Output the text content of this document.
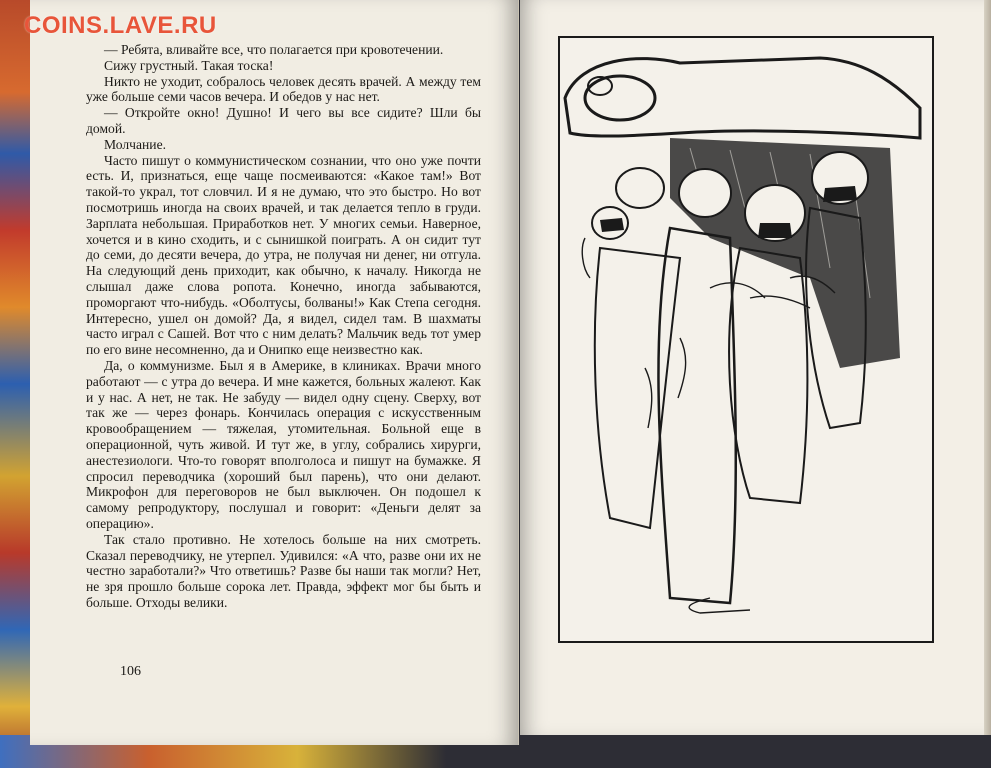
COINS.LAVE.RU

— Ребята, вливайте все, что полагается при кровотечении.

Сижу грустный. Такая тоска!

Никто не уходит, собралось человек десять врачей. А между тем уже больше семи часов вечера. И обедов у нас нет.

— Откройте окно! Душно! И чего вы все сидите? Шли бы домой.

Молчание.

Часто пишут о коммунистическом сознании, что оно уже почти есть. И, признаться, еще чаще посмеиваются: «Какое там!» Вот такой-то украл, тот словчил. И я не думаю, что это быстро. Но вот посмотришь иногда на своих врачей, и так делается тепло в груди. Зарплата небольшая. Приработков нет. У многих семьи. Наверное, хочется и в кино сходить, и с сынишкой поиграть. А он сидит тут до семи, до десяти вечера, до утра, не получая ни денег, ни отгула. На следующий день приходит, как обычно, к началу. Никогда не слышал даже слова ропота. Конечно, иногда забываются, проморгают что-нибудь. «Оболтусы, болваны!» Как Степа сегодня. Интересно, ушел он домой? Да, я видел, сидел там. В шахматы часто играл с Сашей. Вот что с ним делать? Мальчик ведь тот умер по его вине несомненно, да и Онипко еще неизвестно как.

Да, о коммунизме. Был я в Америке, в клиниках. Врачи много работают — с утра до вечера. И мне кажется, больных жалеют. Как и у нас. А нет, не так. Не забуду — видел одну сцену. Сверху, вот так же — через фонарь. Кончилась операция с искусственным кровообращением — тяжелая, утомительная. Больной еще в операционной, чуть живой. И тут же, в углу, собрались хирурги, анестезиологи. Что-то говорят вполголоса и пишут на бумажке. Я спросил переводчика (хороший был парень), что они делают. Микрофон для переговоров не был выключен. Он подошел к самому репродуктору, послушал и говорит: «Деньги делят за операцию».

Так стало противно. Не хотелось больше на них смотреть. Сказал переводчику, не утерпел. Удивился: «А что, разве они их не честно заработали?» Что ответишь? Разве бы наши так могли? Нет, не зря прошло больше сорока лет. Правда, эффект мог бы быть и больше. Отходы велики.

106
